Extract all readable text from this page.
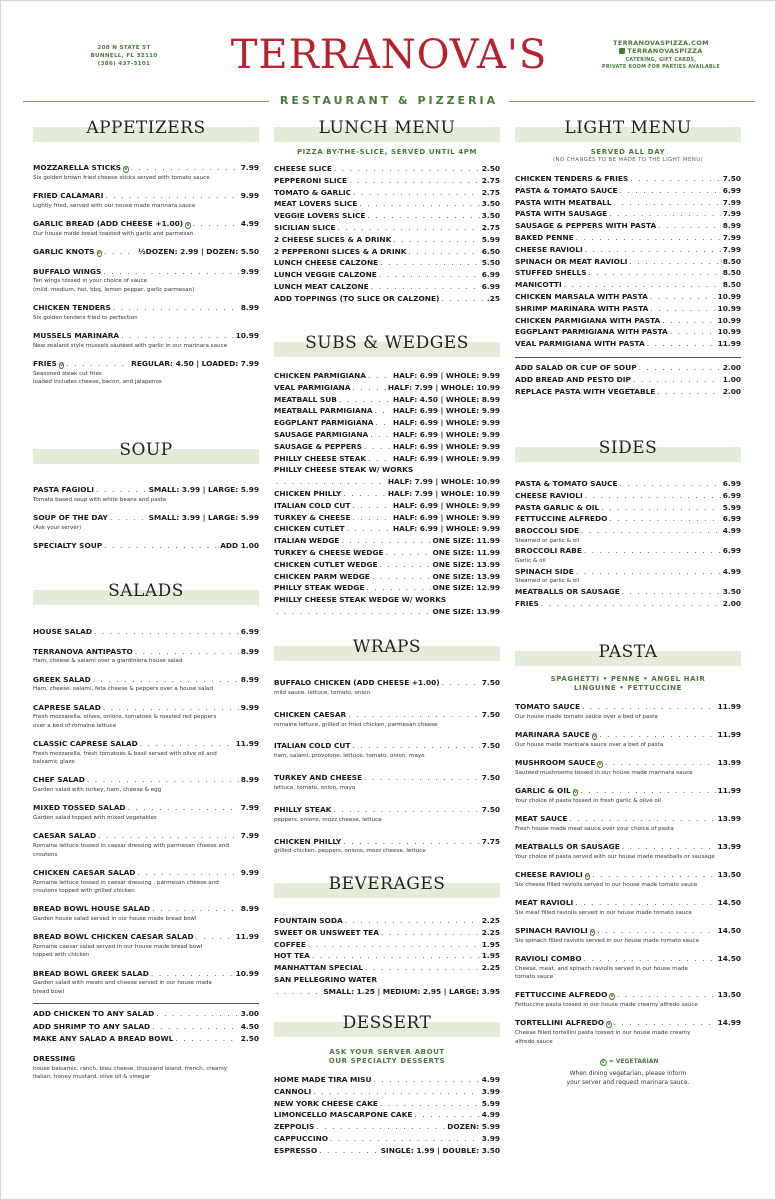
208 N STATE ST
BUNNELL, FL 32110
(386) 437-3101	TERRANOVA'S	TERRANOVASPIZZA.COM
TERRANOVASPIZZA
CATERING, GIFT CARDS,
PRIVATE ROOM FOR PARTIES AVAILABLE
RESTAURANT & PIZZERIA
APPETIZERS
MOZZARELLA STICKS V . . .	7.99
Six golden brown fried cheese sticks served with tomato sauce
FRIED CALAMARI . . .	9.99
Lightly fried, served with our house made marinara sauce
GARLIC BREAD (ADD CHEESE +1.00) V . . .	4.99
Our house made bread toasted with garlic and parmesan
GARLIC KNOTS V . . .	½DOZEN: 2.99 | DOZEN: 5.50
BUFFALO WINGS . . .	9.99
Ten wings tossed in your choice of sauce
(mild, medium, hot, bbq, lemon pepper, garlic parmesan)
CHICKEN TENDERS . . .	8.99
Six golden tenders fried to perfection
MUSSELS MARINARA . . .	10.99
New zealand style mussels sautéed with garlic in our marinara sauce
FRIES V . . .	REGULAR: 4.50 | LOADED: 7.99
Seasoned steak cut fries
loaded includes cheese, bacon, and jalapenos
SOUP
PASTA FAGIOLI . . .	SMALL: 3.99 | LARGE: 5.99
Tomato based soup with white beans and pasta
SOUP OF THE DAY . . .	SMALL: 3.99 | LARGE: 5.99
(Ask your server)
SPECIALTY SOUP . . .	ADD 1.00
SALADS
HOUSE SALAD . . .	6.99
TERRANOVA ANTIPASTO . . .	8.99
Ham, cheese & salami over a giardiniera house salad
GREEK SALAD . . .	8.99
Ham, cheese, salami, feta cheese & peppers over a house salad
CAPRESE SALAD . . .	9.99
Fresh mozzarella, olives, onions, tomatoes & roasted red peppers
over a bed of romaine lettuce
CLASSIC CAPRESE SALAD . . .	11.99
Fresh mozzarella, fresh tomatoes & basil served with olive oil and
balsamic glaze
CHEF SALAD . . .	8.99
Garden salad with turkey, ham, cheese & egg
MIXED TOSSED SALAD . . .	7.99
Garden salad topped with mixed vegetables
CAESAR SALAD . . .	7.99
Romaine lettuce tossed in caesar dressing with parmesan cheese and
croutons
CHICKEN CAESAR SALAD . . .	9.99
Romaine lettuce tossed in caesar dressing , parmesan cheese and
croutons topped with grilled chicken
BREAD BOWL HOUSE SALAD . . .	8.99
Garden house salad served in our house made bread bowl
BREAD BOWL CHICKEN CAESAR SALAD . . .	11.99
Romaine caesar salad served in our house made bread bowl
topped with chicken
BREAD BOWL GREEK SALAD . . .	10.99
Garden salad with meats and cheese served in our house made
bread bowl
ADD CHICKEN TO ANY SALAD . . .	3.00
ADD SHRIMP TO ANY SALAD . . .	4.50
MAKE ANY SALAD A BREAD BOWL . . .	2.50
DRESSING
house balsamic, ranch, bleu cheese, thousand island, french, creamy
italian, honey mustard, olive oil & vinegar
LUNCH MENU
PIZZA BY-THE-SLICE, SERVED UNTIL 4PM
CHEESE SLICE . . .	2.50
PEPPERONI SLICE . . .	2.75
TOMATO & GARLIC . . .	2.75
MEAT LOVERS SLICE . . .	3.50
VEGGIE LOVERS SLICE . . .	3.50
SICILIAN SLICE . . .	2.75
2 CHEESE SLICES & A DRINK . . .	5.99
2 PEPPERONI SLICES & A DRINK . . .	6.50
LUNCH CHEESE CALZONE . . .	5.50
LUNCH VEGGIE CALZONE . . .	6.99
LUNCH MEAT CALZONE . . .	6.99
ADD TOPPINGS (TO SLICE OR CALZONE) . . .	.25
SUBS & WEDGES
CHICKEN PARMIGIANA . . .	HALF: 6.99 | WHOLE: 9.99
VEAL PARMIGIANA . . .	HALF: 7.99 | WHOLE: 10.99
MEATBALL SUB . . .	HALF: 4.50 | WHOLE: 8.99
MEATBALL PARMIGIANA . . .	HALF: 6.99 | WHOLE: 9.99
EGGPLANT PARMIGIANA . . .	HALF: 6.99 | WHOLE: 9.99
SAUSAGE PARMIGIANA . . .	HALF: 6.99 | WHOLE: 9.99
SAUSAGE & PEPPERS . . .	HALF: 6.99 | WHOLE: 9.99
PHILLY CHEESE STEAK . . .	HALF: 6.99 | WHOLE: 9.99
PHILLY CHEESE STEAK W/ WORKS
. . .
HALF: 7.99 | WHOLE: 10.99
CHICKEN PHILLY . . .	HALF: 7.99 | WHOLE: 10.99
ITALIAN COLD CUT . . .	HALF: 6.99 | WHOLE: 9.99
TURKEY & CHEESE . . .	HALF: 6.99 | WHOLE: 9.99
CHICKEN CUTLET . . .	HALF: 6.99 | WHOLE: 9.99
ITALIAN WEDGE . . .	ONE SIZE: 11.99
TURKEY & CHEESE WEDGE . . .	ONE SIZE: 11.99
CHICKEN CUTLET WEDGE . . .	ONE SIZE: 13.99
CHICKEN PARM WEDGE . . .	ONE SIZE: 13.99
PHILLY STEAK WEDGE . . .	ONE SIZE: 12.99
PHILLY CHEESE STEAK WEDGE W/ WORKS
. . .
ONE SIZE: 13.99
WRAPS
BUFFALO CHICKEN (ADD CHEESE +1.00) . . .	7.50
mild sauce, lettuce, tomato, onion
CHICKEN CAESAR . . .	7.50
romaine lettuce, grilled or fried chicken, parmesan cheese
ITALIAN COLD CUT . . .	7.50
ham, salami, provolone, lettuce, tomato, onion, mayo
TURKEY AND CHEESE . . .	7.50
lettuce, tomato, onion, mayo
PHILLY STEAK . . .	7.50
peppers, onions, mozz cheese, lettuce
CHICKEN PHILLY . . .	7.75
grilled chicken, peppers, onions, mozz cheese, lettuce
BEVERAGES
FOUNTAIN SODA . . .	2.25
SWEET OR UNSWEET TEA . . .	2.25
COFFEE . . .	1.95
HOT TEA . . .	1.95
MANHATTAN SPECIAL . . .	2.25
SAN PELLEGRINO WATER
. . .
SMALL: 1.25 | MEDIUM: 2.95 | LARGE: 3.95
DESSERT
ASK YOUR SERVER ABOUT
OUR SPECIALTY DESSERTS
HOME MADE TIRA MISU . . .	4.99
CANNOLI . . .	3.99
NEW YORK CHEESE CAKE . . .	5.99
LIMONCELLO MASCARPONE CAKE . . .	4.99
ZEPPOLIS . . .	DOZEN: 5.99
CAPPUCCINO . . .	3.99
ESPRESSO . . .	SINGLE: 1.99 | DOUBLE: 3.50
LIGHT MENU
SERVED ALL DAY
(NO CHANGES TO BE MADE TO THE LIGHT MENU)
CHICKEN TENDERS & FRIES . . .	7.50
PASTA & TOMATO SAUCE . . .	6.99
PASTA WITH MEATBALL . . .	7.99
PASTA WITH SAUSAGE . . .	7.99
SAUSAGE & PEPPERS WITH PASTA . . .	8.99
BAKED PENNE . . .	7.99
CHEESE RAVIOLI . . .	7.99
SPINACH OR MEAT RAVIOLI . . .	8.50
STUFFED SHELLS . . .	8.50
MANICOTTI . . .	8.50
CHICKEN MARSALA WITH PASTA . . .	10.99
SHRIMP MARINARA WITH PASTA . . .	10.99
CHICKEN PARMIGIANA WITH PASTA . . .	10.99
EGGPLANT PARMIGIANA WITH PASTA . . .	10.99
VEAL PARMIGIANA WITH PASTA . . .	11.99
ADD SALAD OR CUP OF SOUP . . .	2.00
ADD BREAD AND PESTO DIP . . .	1.00
REPLACE PASTA WITH VEGETABLE . . .	2.00
SIDES
PASTA & TOMATO SAUCE . . .	6.99
CHEESE RAVIOLI . . .	6.99
PASTA GARLIC & OIL . . .	5.99
FETTUCCINE ALFREDO . . .	6.99
BROCCOLI SIDE . . .	4.99
Steamed or garlic & oil
BROCCOLI RABE . . .	6.99
Garlic & oil
SPINACH SIDE . . .	4.99
Steamed or garlic & oil
MEATBALLS OR SAUSAGE . . .	3.50
FRIES . . .	2.00
PASTA
SPAGHETTI • PENNE • ANGEL HAIR
LINGUINE • FETTUCCINE
TOMATO SAUCE . . .	11.99
Our house made tomato sauce over a bed of pasta
MARINARA SAUCE V . . .	11.99
Our house made marinara sauce over a bed of pasta
MUSHROOM SAUCE V . . .	13.99
Sautéed mushrooms tossed in our house made marinara sauce
GARLIC & OIL V . . .	11.99
Your choice of pasta tossed in fresh garlic & olive oil
MEAT SAUCE . . .	13.99
Fresh house made meat sauce over your choice of pasta
MEATBALLS OR SAUSAGE . . .	13.99
Your choice of pasta served with our house made meatballs or sausage
CHEESE RAVIOLI V . . .	13.50
Six cheese filled raviolis served in our house made tomato sauce
MEAT RAVIOLI . . .	14.50
Six meat filled raviolis served in our house made tomato sauce
SPINACH RAVIOLI V . . .	14.50
Six spinach filled raviolis served in our house made tomato sauce
RAVIOLI COMBO . . .	14.50
Cheese, meat, and spinach raviolis served in our house made
tomato sauce
FETTUCCINE ALFREDO V . . .	13.50
Fettuccine pasta tossed in our house made creamy alfredo sauce
TORTELLINI ALFREDO V . . .	14.99
Cheese filled tortellini pasta tossed in our house made creamy
alfredo sauce
V = VEGETARIAN
When dining vegetarian, please inform
your server and request marinara sauce.
